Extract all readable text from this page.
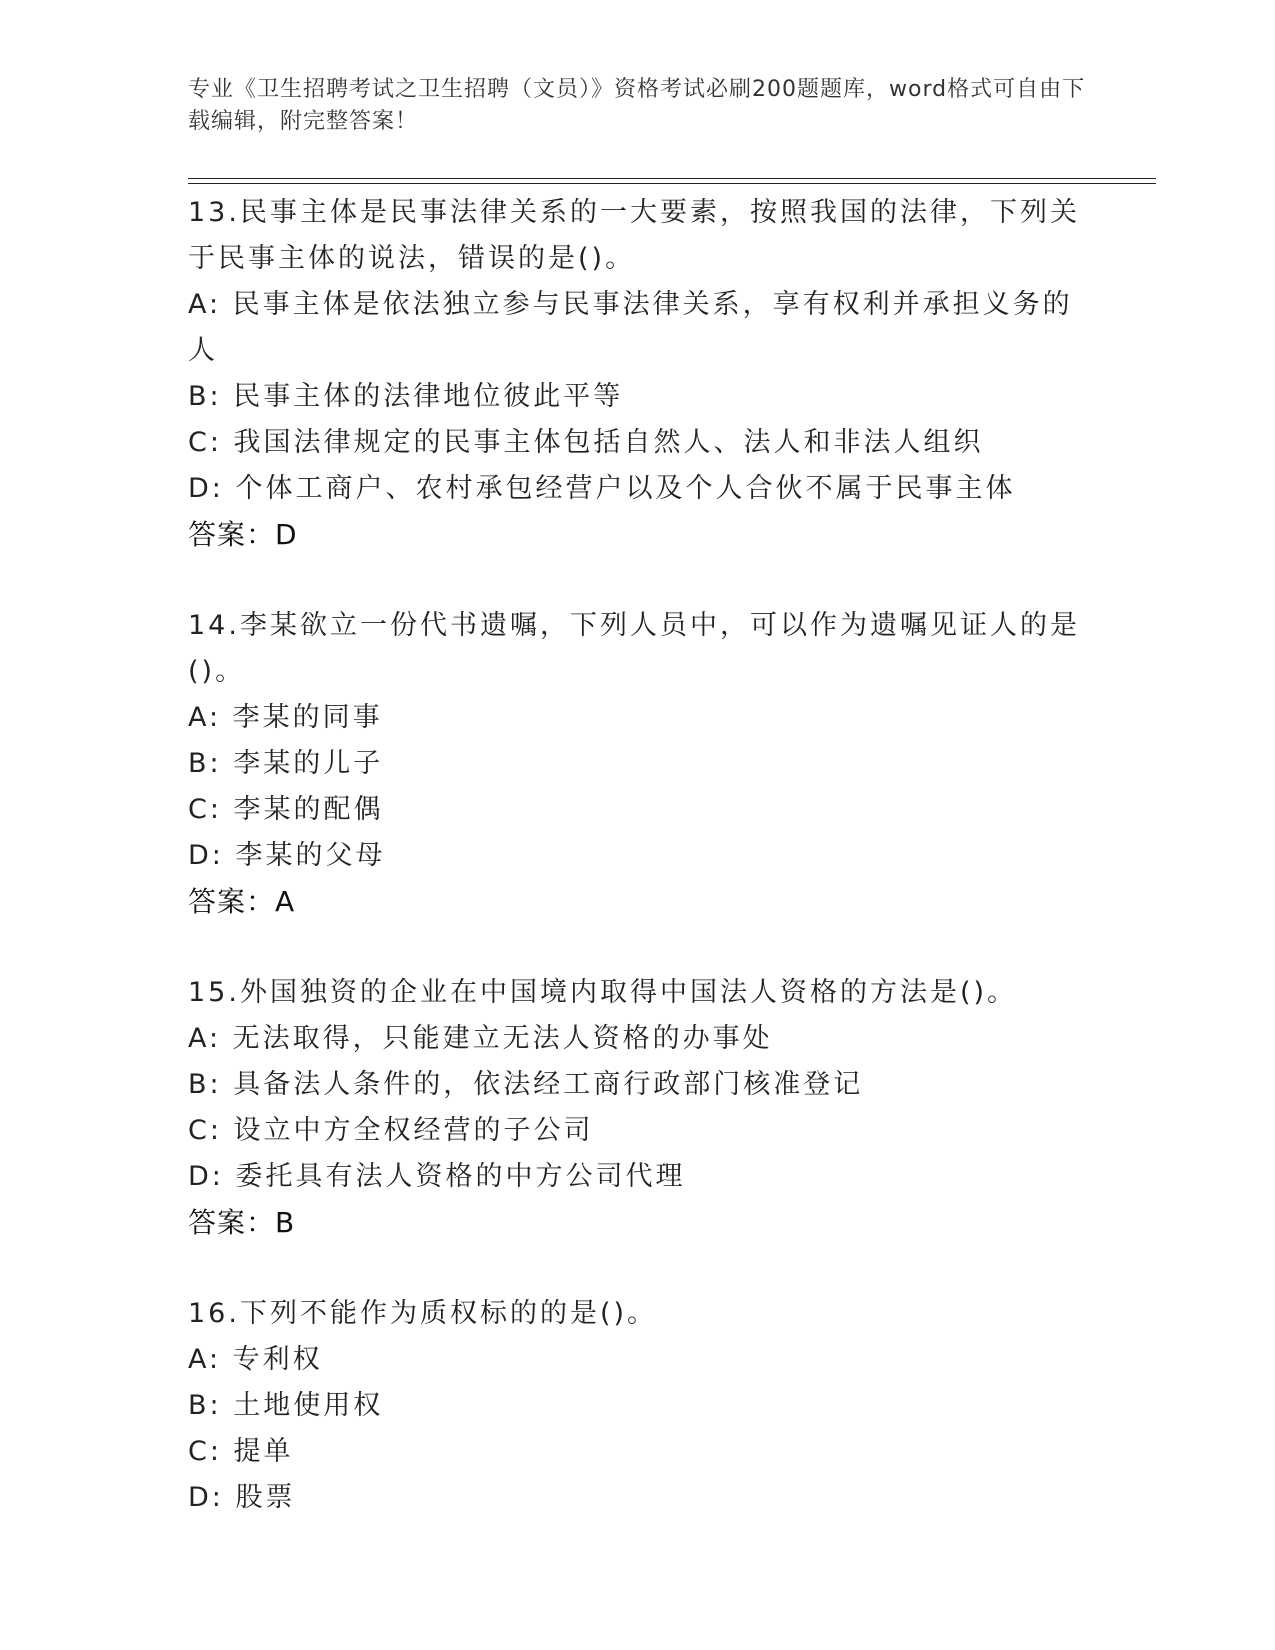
专业《卫生招聘考试之卫生招聘（文员）》资格考试必刷200题题库，word格式可自由下载编辑，附完整答案！
13.民事主体是民事法律关系的一大要素，按照我国的法律，下列关于民事主体的说法，错误的是()。
A: 民事主体是依法独立参与民事法律关系，享有权利并承担义务的人
B: 民事主体的法律地位彼此平等
C: 我国法律规定的民事主体包括自然人、法人和非法人组织
D: 个体工商户、农村承包经营户以及个人合伙不属于民事主体
答案：D
14.李某欲立一份代书遗嘱，下列人员中，可以作为遗嘱见证人的是()。
A: 李某的同事
B: 李某的儿子
C: 李某的配偶
D: 李某的父母
答案：A
15.外国独资的企业在中国境内取得中国法人资格的方法是()。
A: 无法取得，只能建立无法人资格的办事处
B: 具备法人条件的，依法经工商行政部门核准登记
C: 设立中方全权经营的子公司
D: 委托具有法人资格的中方公司代理
答案：B
16.下列不能作为质权标的的是()。
A: 专利权
B: 土地使用权
C: 提单
D: 股票
